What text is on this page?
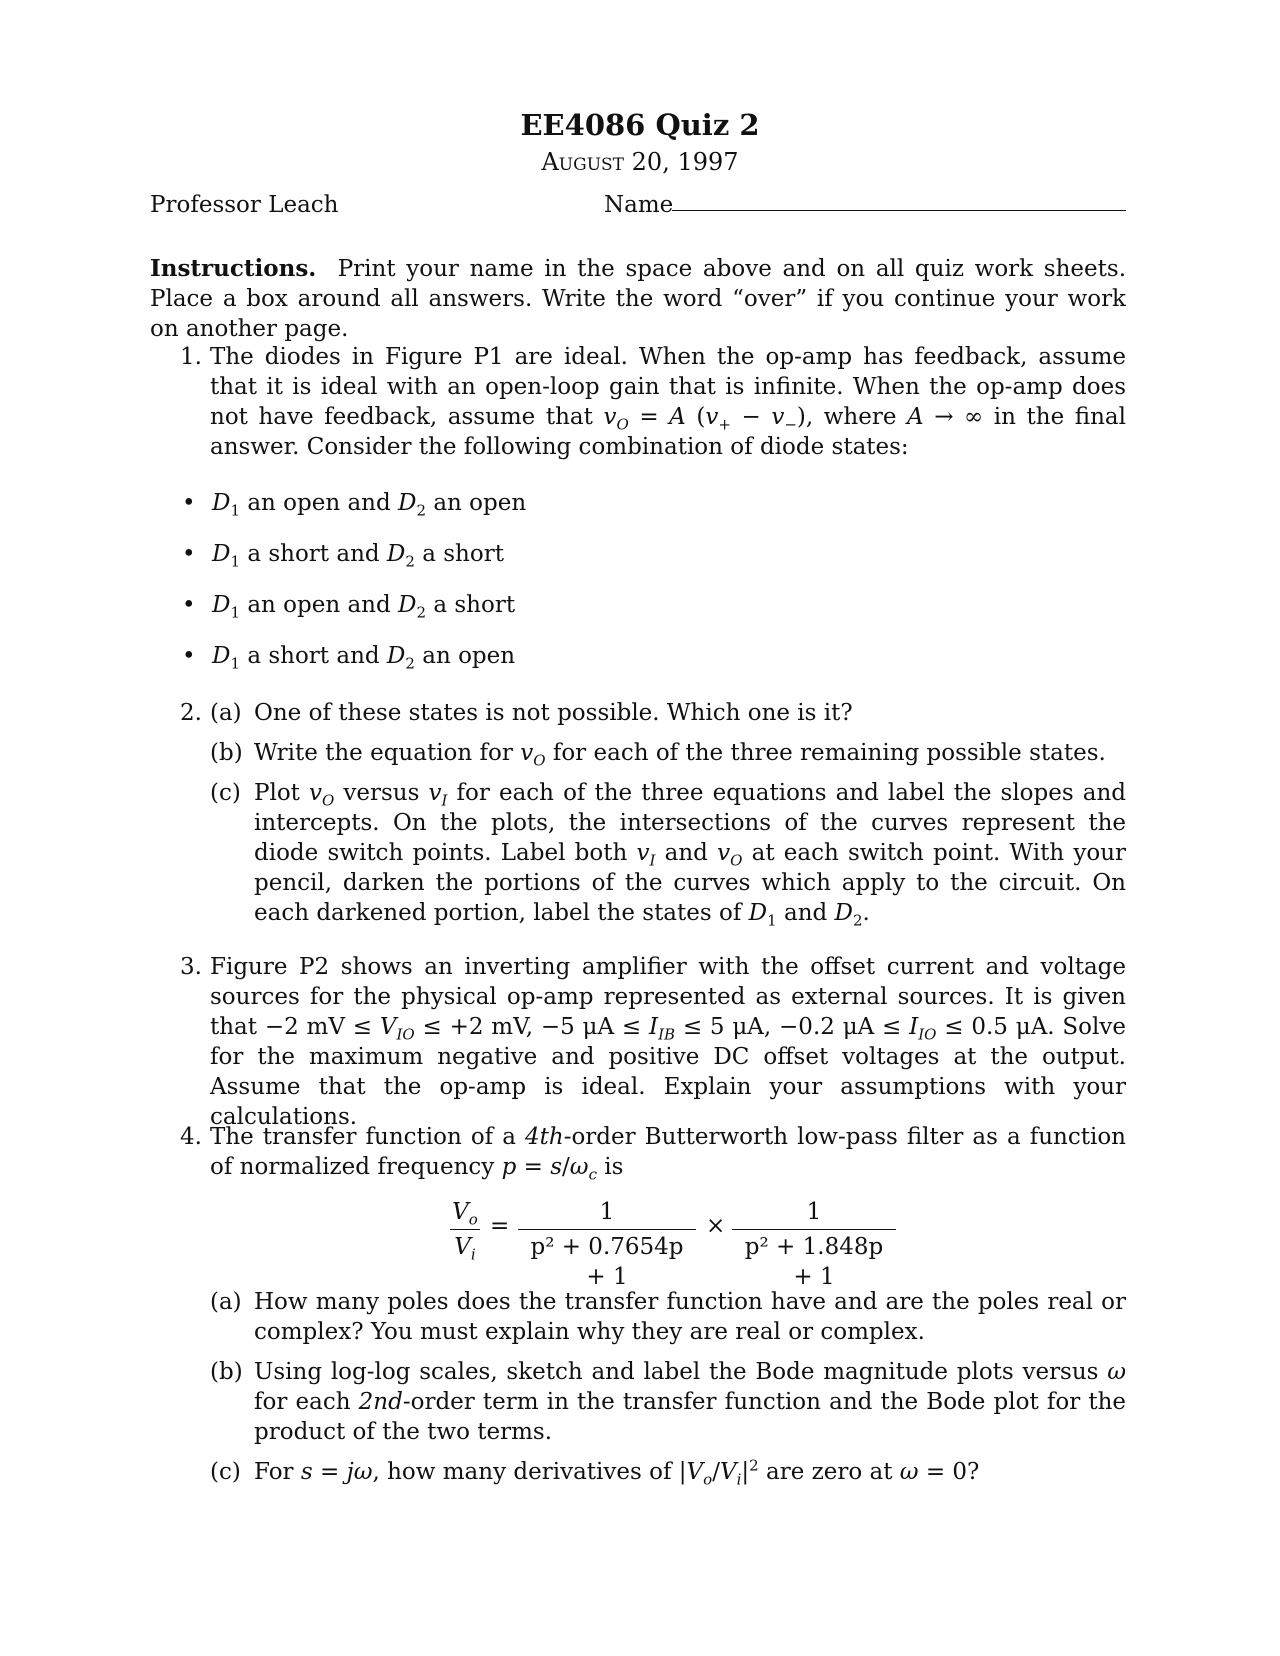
EE4086 Quiz 2
August 20, 1997
Professor Leach	Name
Instructions. Print your name in the space above and on all quiz work sheets. Place a box around all answers. Write the word “over” if you continue your work on another page.
1. The diodes in Figure P1 are ideal. When the op-amp has feedback, assume that it is ideal with an open-loop gain that is infinite. When the op-amp does not have feedback, assume that $v_O = A$ $(v_+ - v_-)$, where A → ∞ in the final answer. Consider the following combination of diode states:
• $D_1$ an open and $D_2$ an open
• $D_1$ a short and $D_2$ a short
• $D_1$ an open and $D_2$ a short
• $D_1$ a short and $D_2$ an open
2. (a) One of these states is not possible. Which one is it?
(b) Write the equation for $v_O$ for each of the three remaining possible states.
(c) Plot $v_O$ versus $v_I$ for each of the three equations and label the slopes and intercepts. On the plots, the intersections of the curves represent the diode switch points. Label both $v_I$ and $v_O$ at each switch point. With your pencil, darken the portions of the curves which apply to the circuit. On each darkened portion, label the states of $D_1$ and $D_2$.
3. Figure P2 shows an inverting amplifier with the offset current and voltage sources for the physical op-amp represented as external sources. It is given that −2 mV ≤ $V_{IO} \le +2$ mV, −5 $\mu A \le I_{IB} \le 5$ μA, −0.2 $\mu A \le I_{IO} \le 0.5$ μA. Solve for the maximum negative and positive DC offset voltages at the output. Assume that the op-amp is ideal. Explain your assumptions with your calculations.
4. The transfer function of a 4th-order Butterworth low-pass filter as a function of normalized frequency $p = s/\omega_c$ is
$\frac{V_o}{V_i} = \frac{1}{\text{p² + 0.7654p + 1}} \times \frac{1}{\text{p² + 1.848p + 1}}$
(a) How many poles does the transfer function have and are the poles real or complex? You must explain why they are real or complex.
(b) Using log-log scales, sketch and label the Bode magnitude plots versus ω for each 2nd-order term in the transfer function and the Bode plot for the product of the two terms.
(c) For s = jω, how many derivatives of $|V_o/V_i|^2$ are zero at ω = 0?
